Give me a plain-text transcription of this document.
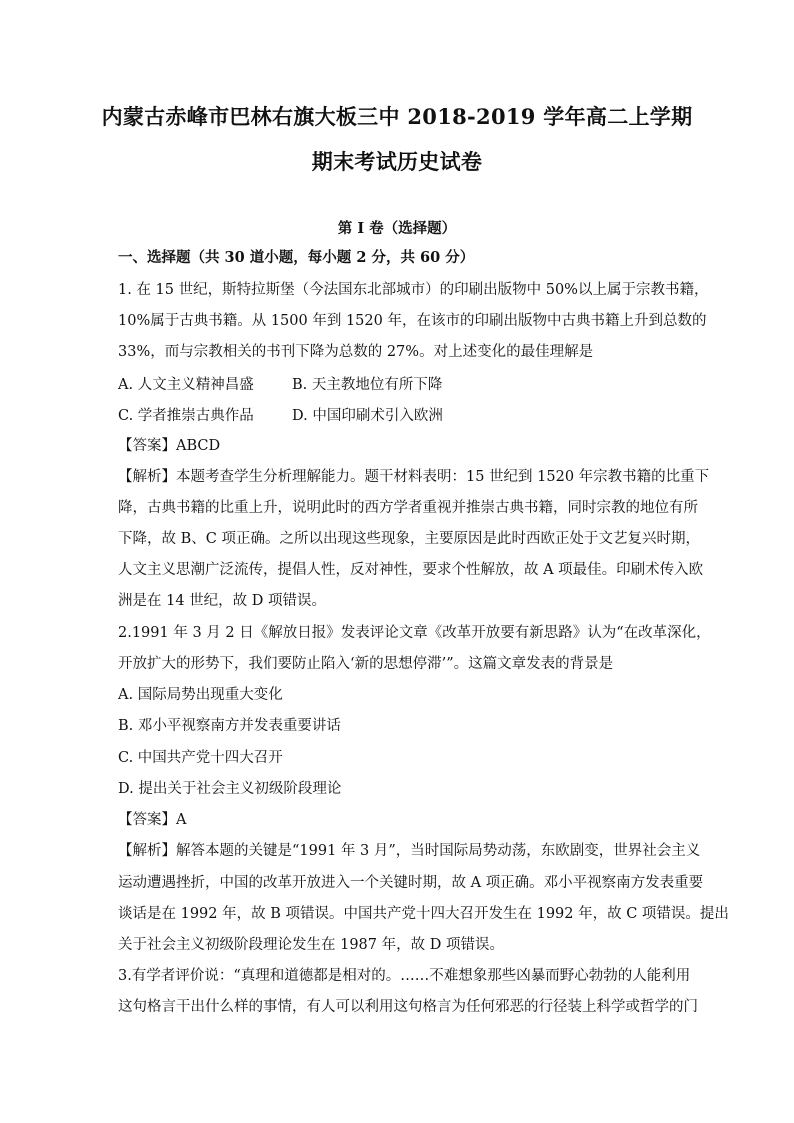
内蒙古赤峰市巴林右旗大板三中 2018-2019 学年高二上学期
期末考试历史试卷
第 I 卷（选择题）
一、选择题（共 30 道小题，每小题 2 分，共 60 分）
1. 在 15 世纪，斯特拉斯堡（今法国东北部城市）的印刷出版物中 50%以上属于宗教书籍，
10%属于古典书籍。从 1500 年到 1520 年，在该市的印刷出版物中古典书籍上升到总数的
33%，而与宗教相关的书刊下降为总数的 27%。对上述变化的最佳理解是
A. 人文主义精神昌盛	B. 天主教地位有所下降
C. 学者推崇古典作品	D. 中国印刷术引入欧洲
【答案】ABCD
【解析】本题考查学生分析理解能力。题干材料表明：15 世纪到 1520 年宗教书籍的比重下
降，古典书籍的比重上升，说明此时的西方学者重视并推崇古典书籍，同时宗教的地位有所
下降，故 B、C 项正确。之所以出现这些现象，主要原因是此时西欧正处于文艺复兴时期，
人文主义思潮广泛流传，提倡人性，反对神性，要求个性解放，故 A 项最佳。印刷术传入欧
洲是在 14 世纪，故 D 项错误。
2.1991 年 3 月 2 日《解放日报》发表评论文章《改革开放要有新思路》认为“在改革深化，
开放扩大的形势下，我们要防止陷入‘新的思想停滞’”。这篇文章发表的背景是
A. 国际局势出现重大变化
B. 邓小平视察南方并发表重要讲话
C. 中国共产党十四大召开
D. 提出关于社会主义初级阶段理论
【答案】A
【解析】解答本题的关键是“1991 年 3 月”，当时国际局势动荡，东欧剧变，世界社会主义
运动遭遇挫折，中国的改革开放进入一个关键时期，故 A 项正确。邓小平视察南方发表重要
谈话是在 1992 年，故 B 项错误。中国共产党十四大召开发生在 1992 年，故 C 项错误。提出
关于社会主义初级阶段理论发生在 1987 年，故 D 项错误。
3.有学者评价说：“真理和道德都是相对的。……不难想象那些凶暴而野心勃勃的人能利用
这句格言干出什么样的事情，有人可以利用这句格言为任何邪恶的行径装上科学或哲学的门
